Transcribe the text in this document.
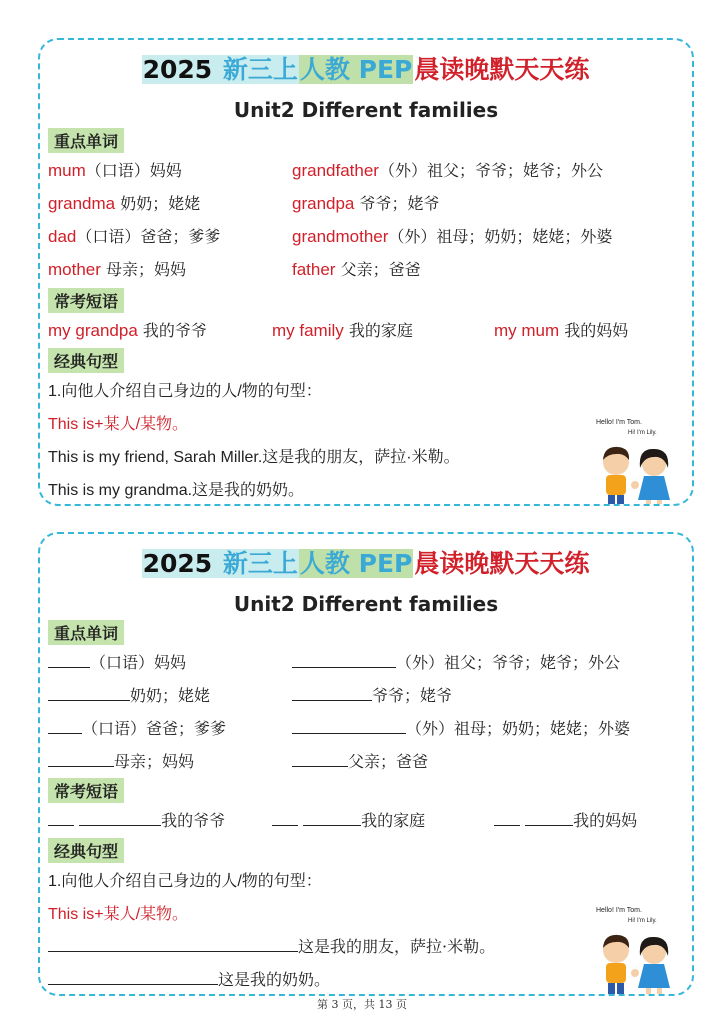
2025 新三上人教 PEP晨读晚默天天练
Unit2 Different families
重点单词
mum（口语）妈妈	grandfather（外）祖父；爷爷；姥爷；外公
grandma 奶奶；姥姥	grandpa 爷爷；姥爷
dad（口语）爸爸；爹爹	grandmother（外）祖母；奶奶；姥姥；外婆
mother 母亲；妈妈	father 父亲；爸爸
常考短语
my grandpa 我的爷爷	my family 我的家庭	my mum 我的妈妈
经典句型
1.向他人介绍自己身边的人/物的句型：
This is+某人/某物。
This is my friend, Sarah Miller.这是我的朋友，萨拉·米勒。
This is my grandma.这是我的奶奶。
Hello! I'm Tom.
Hi! I'm Lily.
2025 新三上人教 PEP晨读晚默天天练
Unit2 Different families
重点单词
（口语）妈妈	（外）祖父；爷爷；姥爷；外公
奶奶；姥姥	爷爷；姥爷
（口语）爸爸；爹爹	（外）祖母；奶奶；姥姥；外婆
母亲；妈妈	父亲；爸爸
常考短语
我的爷爷	我的家庭	我的妈妈
经典句型
1.向他人介绍自己身边的人/物的句型：
This is+某人/某物。
这是我的朋友，萨拉·米勒。
这是我的奶奶。
Hello! I'm Tom.
Hi! I'm Lily.
第 3 页，共 13 页
